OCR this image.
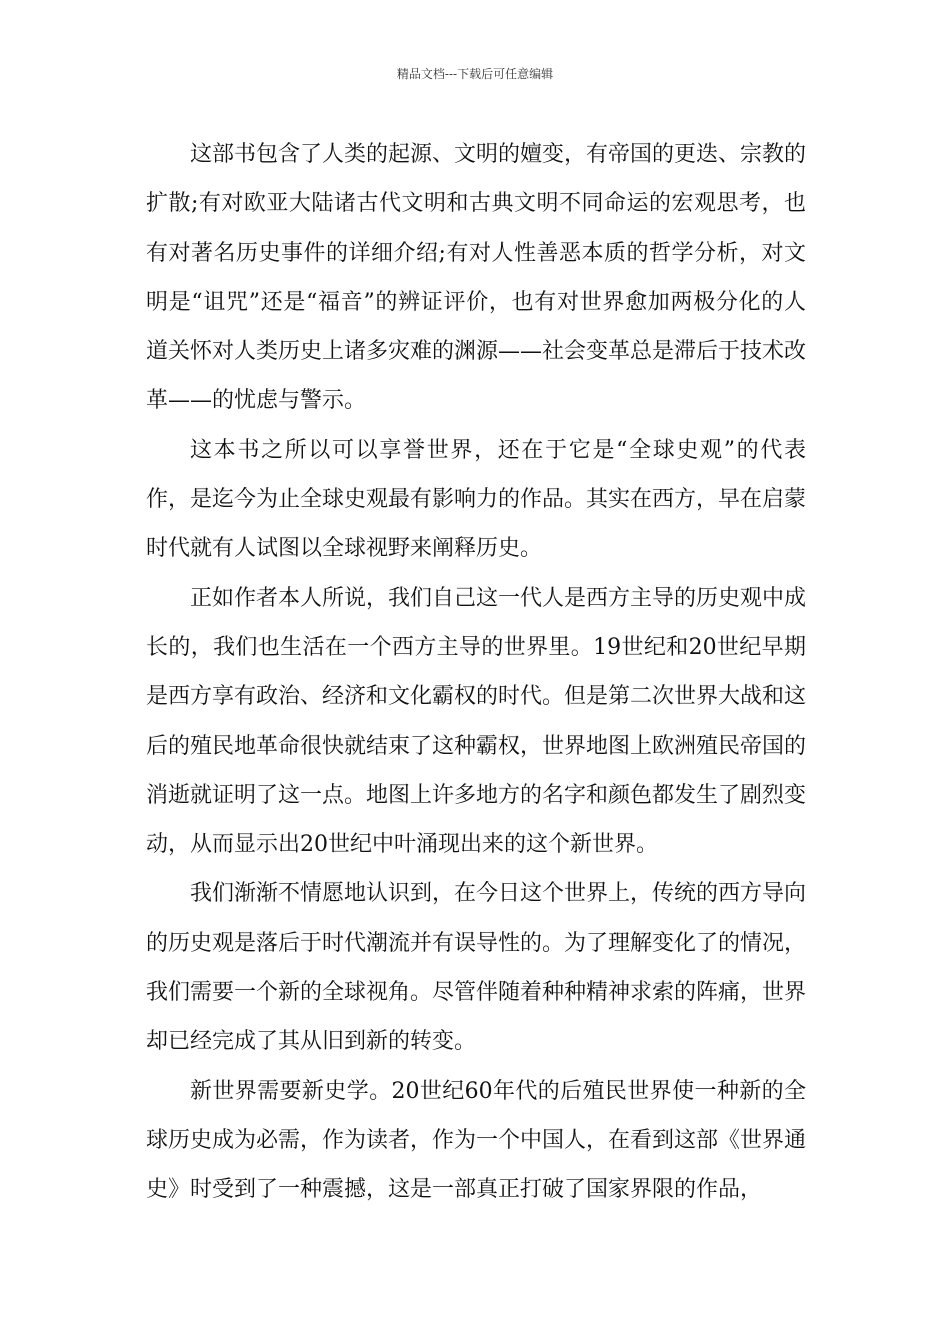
精品文档---下载后可任意编辑

这部书包含了人类的起源、文明的嬗变，有帝国的更迭、宗教的扩散;有对欧亚大陆诸古代文明和古典文明不同命运的宏观思考，也有对著名历史事件的详细介绍;有对人性善恶本质的哲学分析，对文明是“诅咒”还是“福音”的辨证评价，也有对世界愈加两极分化的人道关怀对人类历史上诸多灾难的渊源——社会变革总是滞后于技术改革——的忧虑与警示。

这本书之所以可以享誉世界，还在于它是“全球史观”的代表作，是迄今为止全球史观最有影响力的作品。其实在西方，早在启蒙时代就有人试图以全球视野来阐释历史。

正如作者本人所说，我们自己这一代人是西方主导的历史观中成长的，我们也生活在一个西方主导的世界里。19世纪和20世纪早期是西方享有政治、经济和文化霸权的时代。但是第二次世界大战和这后的殖民地革命很快就结束了这种霸权，世界地图上欧洲殖民帝国的消逝就证明了这一点。地图上许多地方的名字和颜色都发生了剧烈变动，从而显示出20世纪中叶涌现出来的这个新世界。

我们渐渐不情愿地认识到，在今日这个世界上，传统的西方导向的历史观是落后于时代潮流并有误导性的。为了理解变化了的情况，我们需要一个新的全球视角。尽管伴随着种种精神求索的阵痛，世界却已经完成了其从旧到新的转变。

新世界需要新史学。20世纪60年代的后殖民世界使一种新的全球历史成为必需，作为读者，作为一个中国人，在看到这部《世界通史》时受到了一种震撼，这是一部真正打破了国家界限的作品，
